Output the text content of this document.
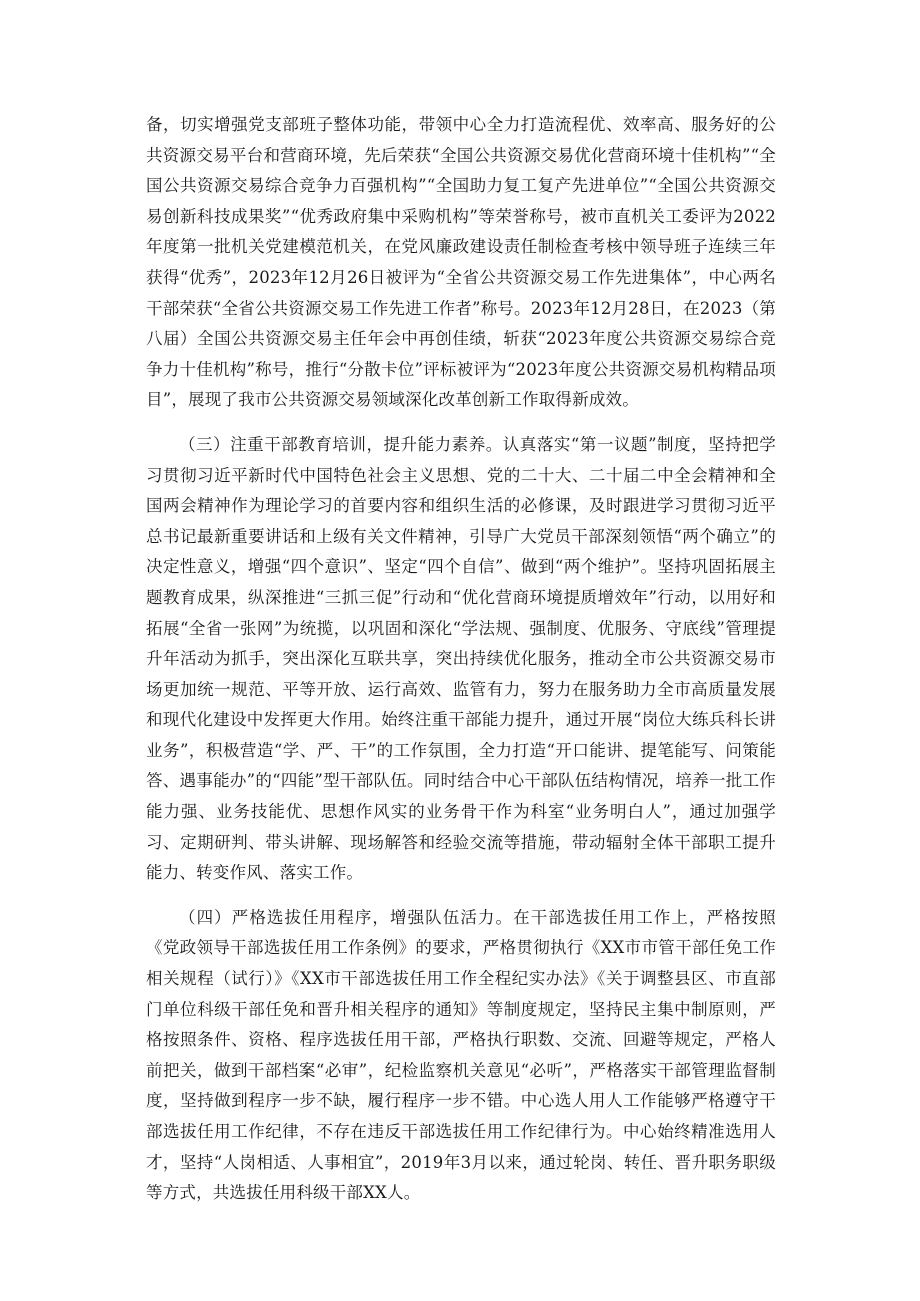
备，切实增强党支部班子整体功能，带领中心全力打造流程优、效率高、服务好的公共资源交易平台和营商环境，先后荣获“全国公共资源交易优化营商环境十佳机构”“全国公共资源交易综合竞争力百强机构”“全国助力复工复产先进单位”“全国公共资源交易创新科技成果奖”“优秀政府集中采购机构”等荣誉称号，被市直机关工委评为2022年度第一批机关党建模范机关，在党风廉政建设责任制检查考核中领导班子连续三年获得“优秀”，2023年12月26日被评为“全省公共资源交易工作先进集体”，中心两名干部荣获“全省公共资源交易工作先进工作者”称号。2023年12月28日，在2023（第八届）全国公共资源交易主任年会中再创佳绩，斩获“2023年度公共资源交易综合竞争力十佳机构”称号，推行“分散卡位”评标被评为“2023年度公共资源交易机构精品项目”，展现了我市公共资源交易领域深化改革创新工作取得新成效。

（三）注重干部教育培训，提升能力素养。认真落实“第一议题”制度，坚持把学习贯彻习近平新时代中国特色社会主义思想、党的二十大、二十届二中全会精神和全国两会精神作为理论学习的首要内容和组织生活的必修课，及时跟进学习贯彻习近平总书记最新重要讲话和上级有关文件精神，引导广大党员干部深刻领悟“两个确立”的决定性意义，增强“四个意识”、坚定“四个自信”、做到“两个维护”。坚持巩固拓展主题教育成果，纵深推进“三抓三促”行动和“优化营商环境提质增效年”行动，以用好和拓展“全省一张网”为统揽，以巩固和深化“学法规、强制度、优服务、守底线”管理提升年活动为抓手，突出深化互联共享，突出持续优化服务，推动全市公共资源交易市场更加统一规范、平等开放、运行高效、监管有力，努力在服务助力全市高质量发展和现代化建设中发挥更大作用。始终注重干部能力提升，通过开展“岗位大练兵科长讲业务”，积极营造“学、严、干”的工作氛围，全力打造“开口能讲、提笔能写、问策能答、遇事能办”的“四能”型干部队伍。同时结合中心干部队伍结构情况，培养一批工作能力强、业务技能优、思想作风实的业务骨干作为科室“业务明白人”，通过加强学习、定期研判、带头讲解、现场解答和经验交流等措施，带动辐射全体干部职工提升能力、转变作风、落实工作。

（四）严格选拔任用程序，增强队伍活力。在干部选拔任用工作上，严格按照《党政领导干部选拔任用工作条例》的要求，严格贯彻执行《XX市市管干部任免工作相关规程（试行）》《XX市干部选拔任用工作全程纪实办法》《关于调整县区、市直部门单位科级干部任免和晋升相关程序的通知》等制度规定，坚持民主集中制原则，严格按照条件、资格、程序选拔任用干部，严格执行职数、交流、回避等规定，严格人前把关，做到干部档案“必审”，纪检监察机关意见“必听”，严格落实干部管理监督制度，坚持做到程序一步不缺，履行程序一步不错。中心选人用人工作能够严格遵守干部选拔任用工作纪律，不存在违反干部选拔任用工作纪律行为。中心始终精准选用人才，坚持“人岗相适、人事相宜”，2019年3月以来，通过轮岗、转任、晋升职务职级等方式，共选拔任用科级干部XX人。
